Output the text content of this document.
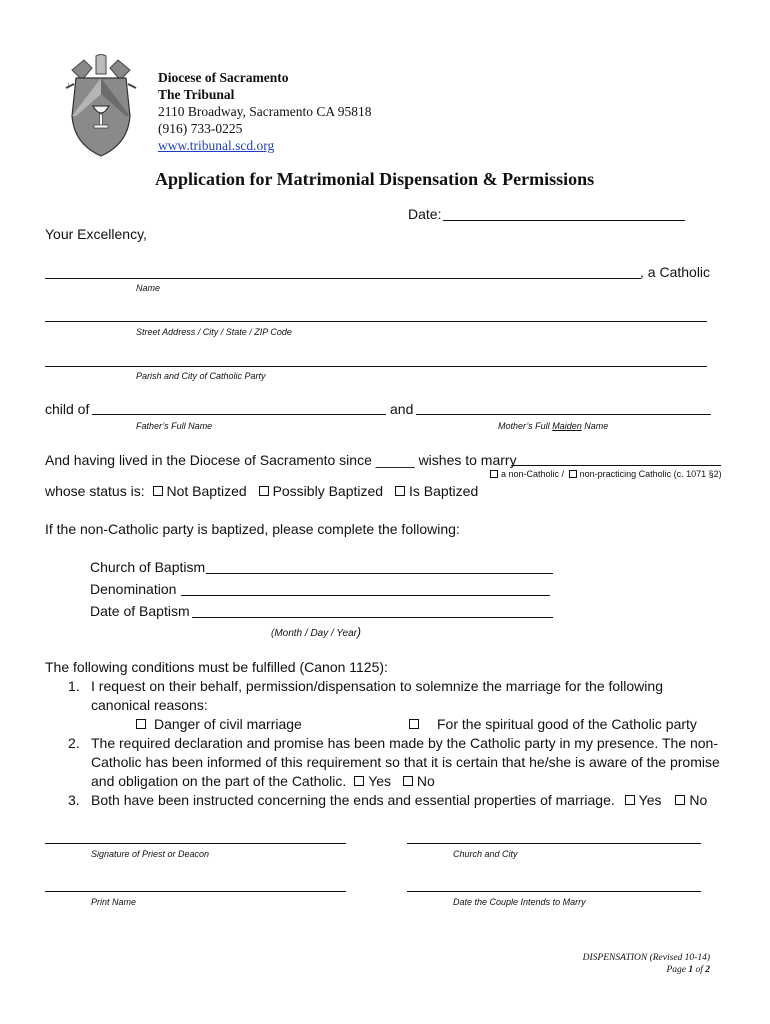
Diocese of Sacramento
The Tribunal
2110 Broadway, Sacramento CA 95818
(916) 733-0225
www.tribunal.scd.org
Application for Matrimonial Dispensation & Permissions
Date:
Your Excellency,
, a Catholic
Name
Street Address / City / State / ZIP Code
Parish and City of Catholic Party
child of	and
Father’s Full Name	Mother’s Full Maiden Name
And having lived in the Diocese of Sacramento since _____ wishes to marry
a non-Catholic / non-practicing Catholic (c. 1071 §2)
whose status is: Not Baptized Possibly Baptized Is Baptized
If the non-Catholic party is baptized, please complete the following:
Church of Baptism
Denomination
Date of Baptism
(Month / Day / Year)
The following conditions must be fulfilled (Canon 1125):
1. I request on their behalf, permission/dispensation to solemnize the marriage for the following
canonical reasons:
Danger of civil marriage	For the spiritual good of the Catholic party
2. The required declaration and promise has been made by the Catholic party in my presence. The non-
Catholic has been informed of this requirement so that it is certain that he/she is aware of the promise
and obligation on the part of the Catholic. Yes No
3. Both have been instructed concerning the ends and essential properties of marriage. Yes No
Signature of Priest or Deacon	Church and City
Print Name	Date the Couple Intends to Marry
DISPENSATION (Revised 10-14)
Page 1 of 2
